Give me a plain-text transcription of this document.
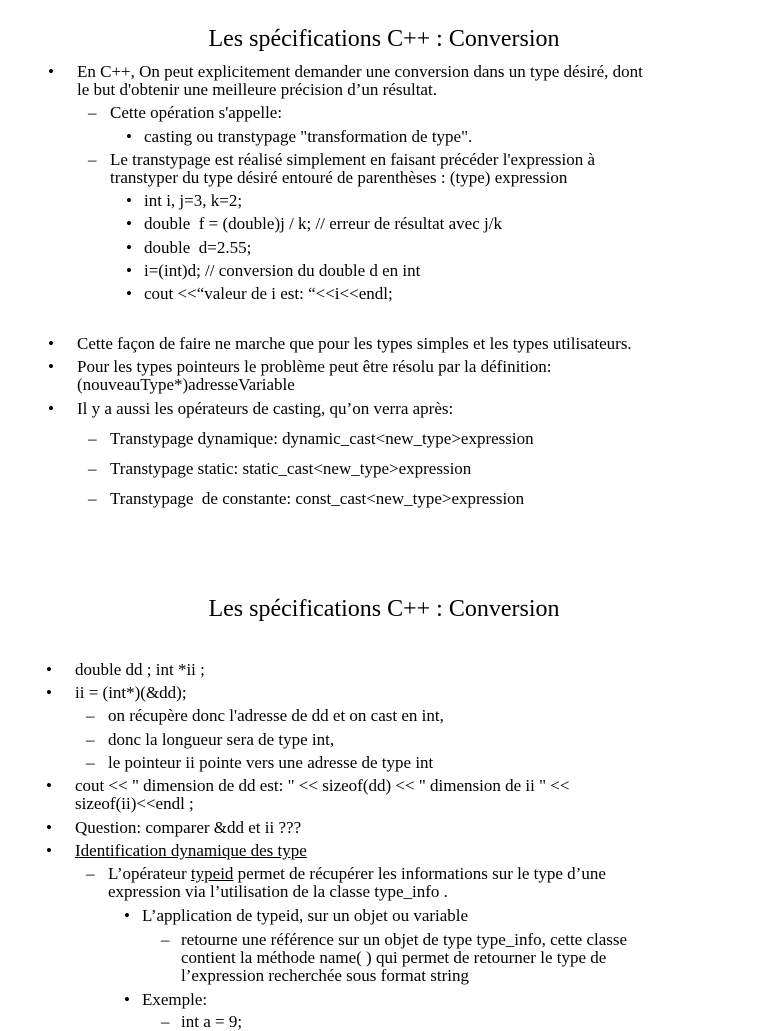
Les spécifications C++ : Conversion
• En C++, On peut explicitement demander une conversion dans un type désiré, dont
le but d'obtenir une meilleure précision d’un résultat.
– Cette opération s'appelle:
• casting ou transtypage "transformation de type".
– Le transtypage est réalisé simplement en faisant précéder l'expression à
transtyper du type désiré entouré de parenthèses : (type) expression
• int i, j=3, k=2;
• double  f = (double)j / k; // erreur de résultat avec j/k
• double  d=2.55;
• i=(int)d; // conversion du double d en int
• cout <<“valeur de i est: “<<i<<endl;
• Cette façon de faire ne marche que pour les types simples et les types utilisateurs.
• Pour les types pointeurs le problème peut être résolu par la définition:
(nouveauType*)adresseVariable
• Il y a aussi les opérateurs de casting, qu’on verra après:
– Transtypage dynamique: dynamic_cast<new_type>expression
– Transtypage static: static_cast<new_type>expression
– Transtypage  de constante: const_cast<new_type>expression
Les spécifications C++ : Conversion
• double dd ; int *ii ;
• ii = (int*)(&dd);
– on récupère donc l'adresse de dd et on cast en int,
– donc la longueur sera de type int,
– le pointeur ii pointe vers une adresse de type int
• cout << " dimension de dd est: " << sizeof(dd) << " dimension de ii " <<
sizeof(ii)<<endl ;
• Question: comparer &dd et ii ???
• Identification dynamique des type
– L’opérateur typeid permet de récupérer les informations sur le type d’une
expression via l’utilisation de la classe type_info .
• L’application de typeid, sur un objet ou variable
– retourne une référence sur un objet de type type_info, cette classe
contient la méthode name( ) qui permet de retourner le type de
l’expression recherchée sous format string
• Exemple:
– int a = 9;
